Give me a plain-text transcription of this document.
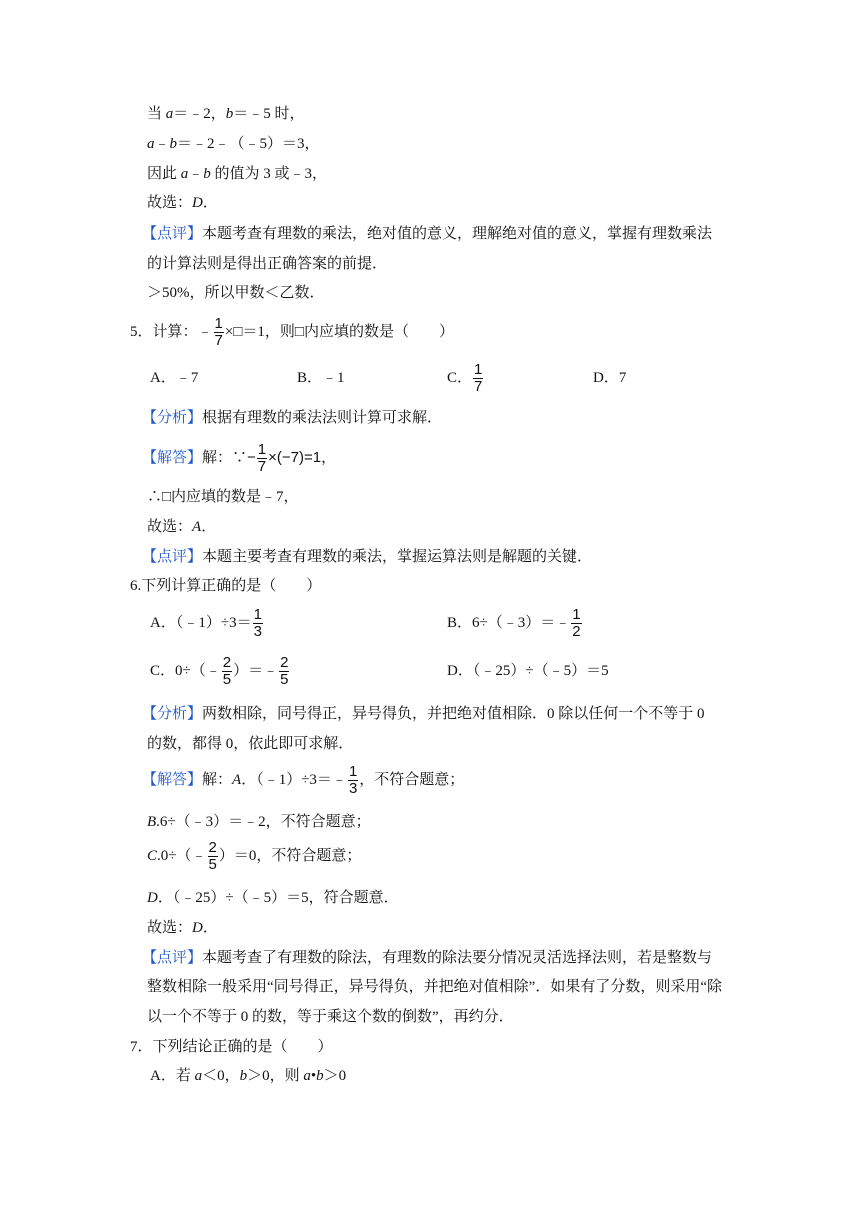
当 a＝﹣2，b＝﹣5 时，
a﹣b＝﹣2﹣（﹣5）＝3，
因此 a﹣b 的值为 3 或﹣3，
故选：D．
【点评】本题考查有理数的乘法，绝对值的意义，理解绝对值的意义，掌握有理数乘法
的计算法则是得出正确答案的前提．
＞50%，所以甲数＜乙数．
5．计算：﹣ $\frac{1}{7}$ ×□＝1，则□内应填的数是（　　）
A．﹣7	B．﹣1	C． $\frac{1}{7}$	D．7
【分析】根据有理数的乘法法则计算可求解．
【解答】解：∵− $\frac{1}{7} \times(-7)=1$，
∴□内应填的数是﹣7，
故选：A．
【点评】本题主要考查有理数的乘法，掌握运算法则是解题的关键．
6.下列计算正确的是（　　）
A．（﹣1）÷3＝ $\frac{1}{3}$	B．6÷（﹣3）＝﹣ $\frac{1}{2}$
C．0÷（﹣ $\frac{2}{5}$ ）＝﹣ $\frac{2}{5}$	D．（﹣25）÷（﹣5）＝5
【分析】两数相除，同号得正，异号得负，并把绝对值相除．0 除以任何一个不等于 0
的数，都得 0，依此即可求解．
【解答】解：A．（﹣1）÷3＝﹣ $\frac{1}{3}$ ，不符合题意；
B.6÷（﹣3）＝﹣2，不符合题意；
C.0÷（﹣ $\frac{2}{5} )=0$，不符合题意；
D．（﹣25）÷（﹣5）＝5，符合题意．
故选：D．
【点评】本题考查了有理数的除法，有理数的除法要分情况灵活选择法则，若是整数与
整数相除一般采用“同号得正，异号得负，并把绝对值相除”．如果有了分数，则采用“除
以一个不等于 0 的数，等于乘这个数的倒数”，再约分．
7．下列结论正确的是（　　）
A．若 a＜0，b＞0，则 a•b＞0
